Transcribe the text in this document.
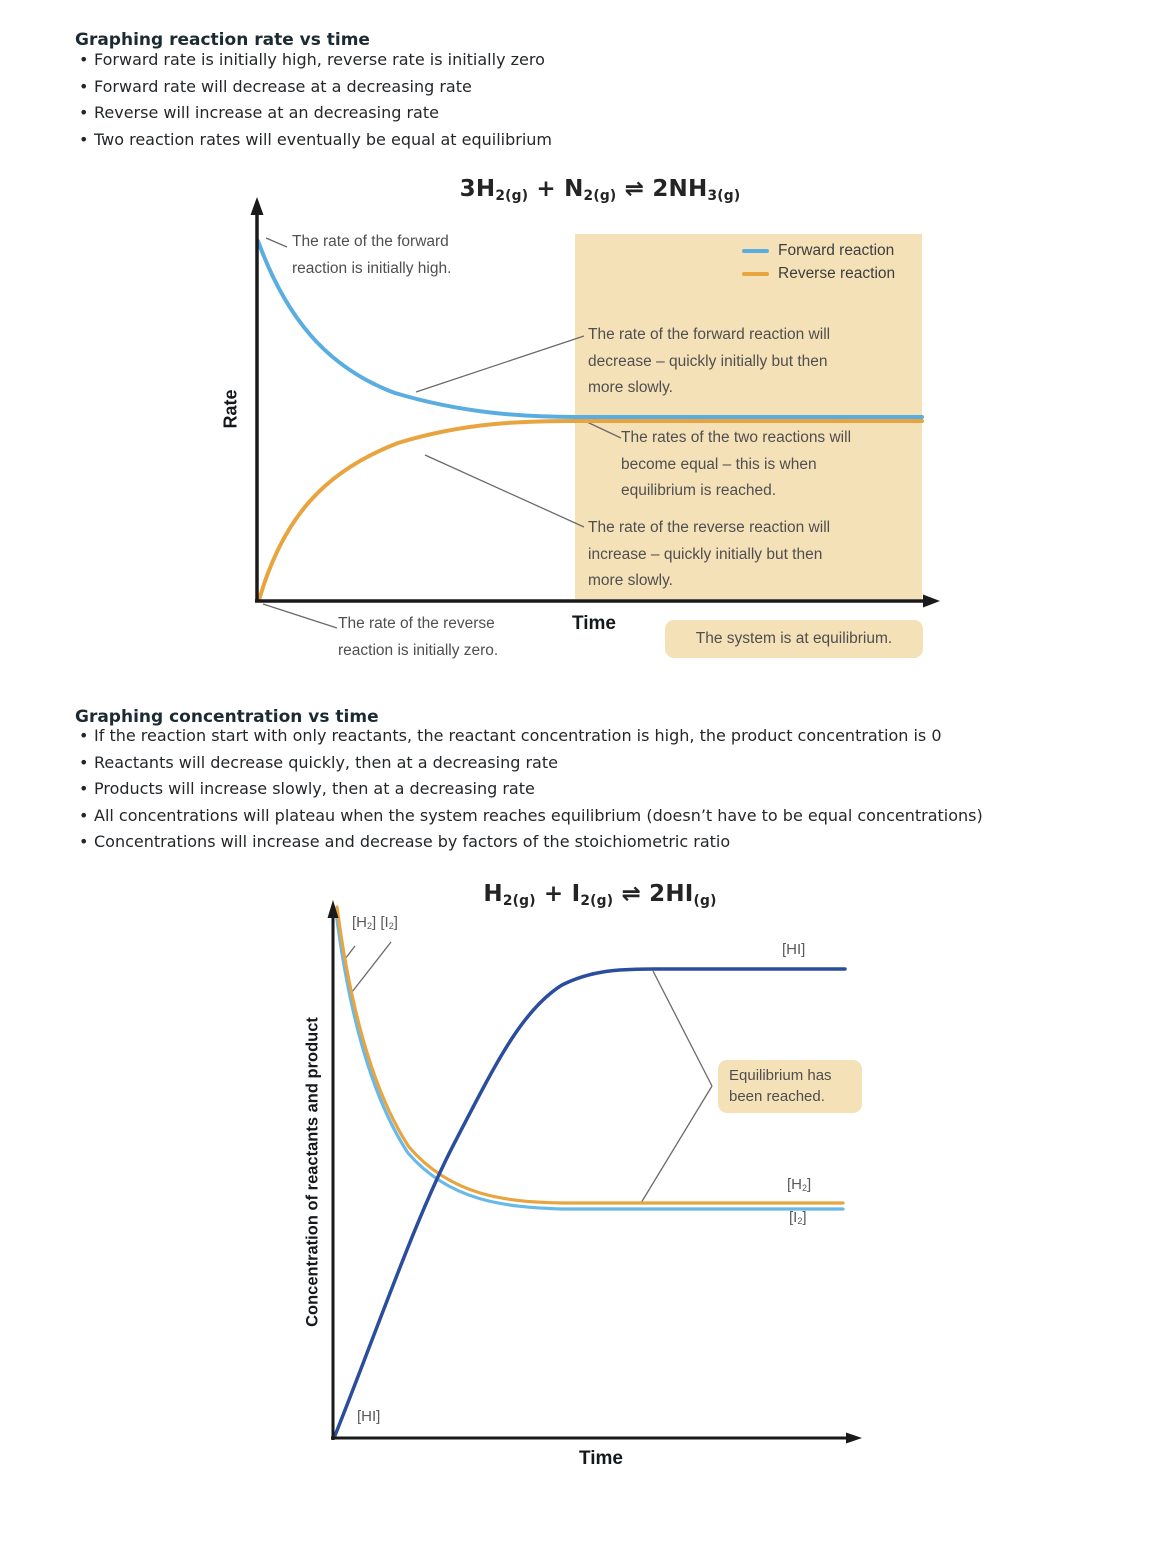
Graphing reaction rate vs time
• Forward rate is initially high, reverse rate is initially zero
• Forward rate will decrease at a decreasing rate
• Reverse will increase at an decreasing rate
• Two reaction rates will eventually be equal at equilibrium
3H2(g) + N2(g) ⇌ 2NH3(g)
Rate
Forward reaction
Reverse reaction
The rate of the forward reaction is initially high.
The rate of the forward reaction will decrease – quickly initially but then more slowly.
The rates of the two reactions will become equal – this is when equilibrium is reached.
The rate of the reverse reaction will increase – quickly initially but then more slowly.
The rate of the reverse reaction is initially zero.
Time
The system is at equilibrium.
Graphing concentration vs time
• If the reaction start with only reactants, the reactant concentration is high, the product concentration is 0
• Reactants will decrease quickly, then at a decreasing rate
• Products will increase slowly, then at a decreasing rate
• All concentrations will plateau when the system reaches equilibrium (doesn’t have to be equal concentrations)
• Concentrations will increase and decrease by factors of the stoichiometric ratio
H2(g) + I2(g) ⇌ 2HI(g)
Concentration of reactants and product
[H2] [I2]
[HI]
Equilibrium has been reached.
[H2]
[I2]
[HI]
Time
